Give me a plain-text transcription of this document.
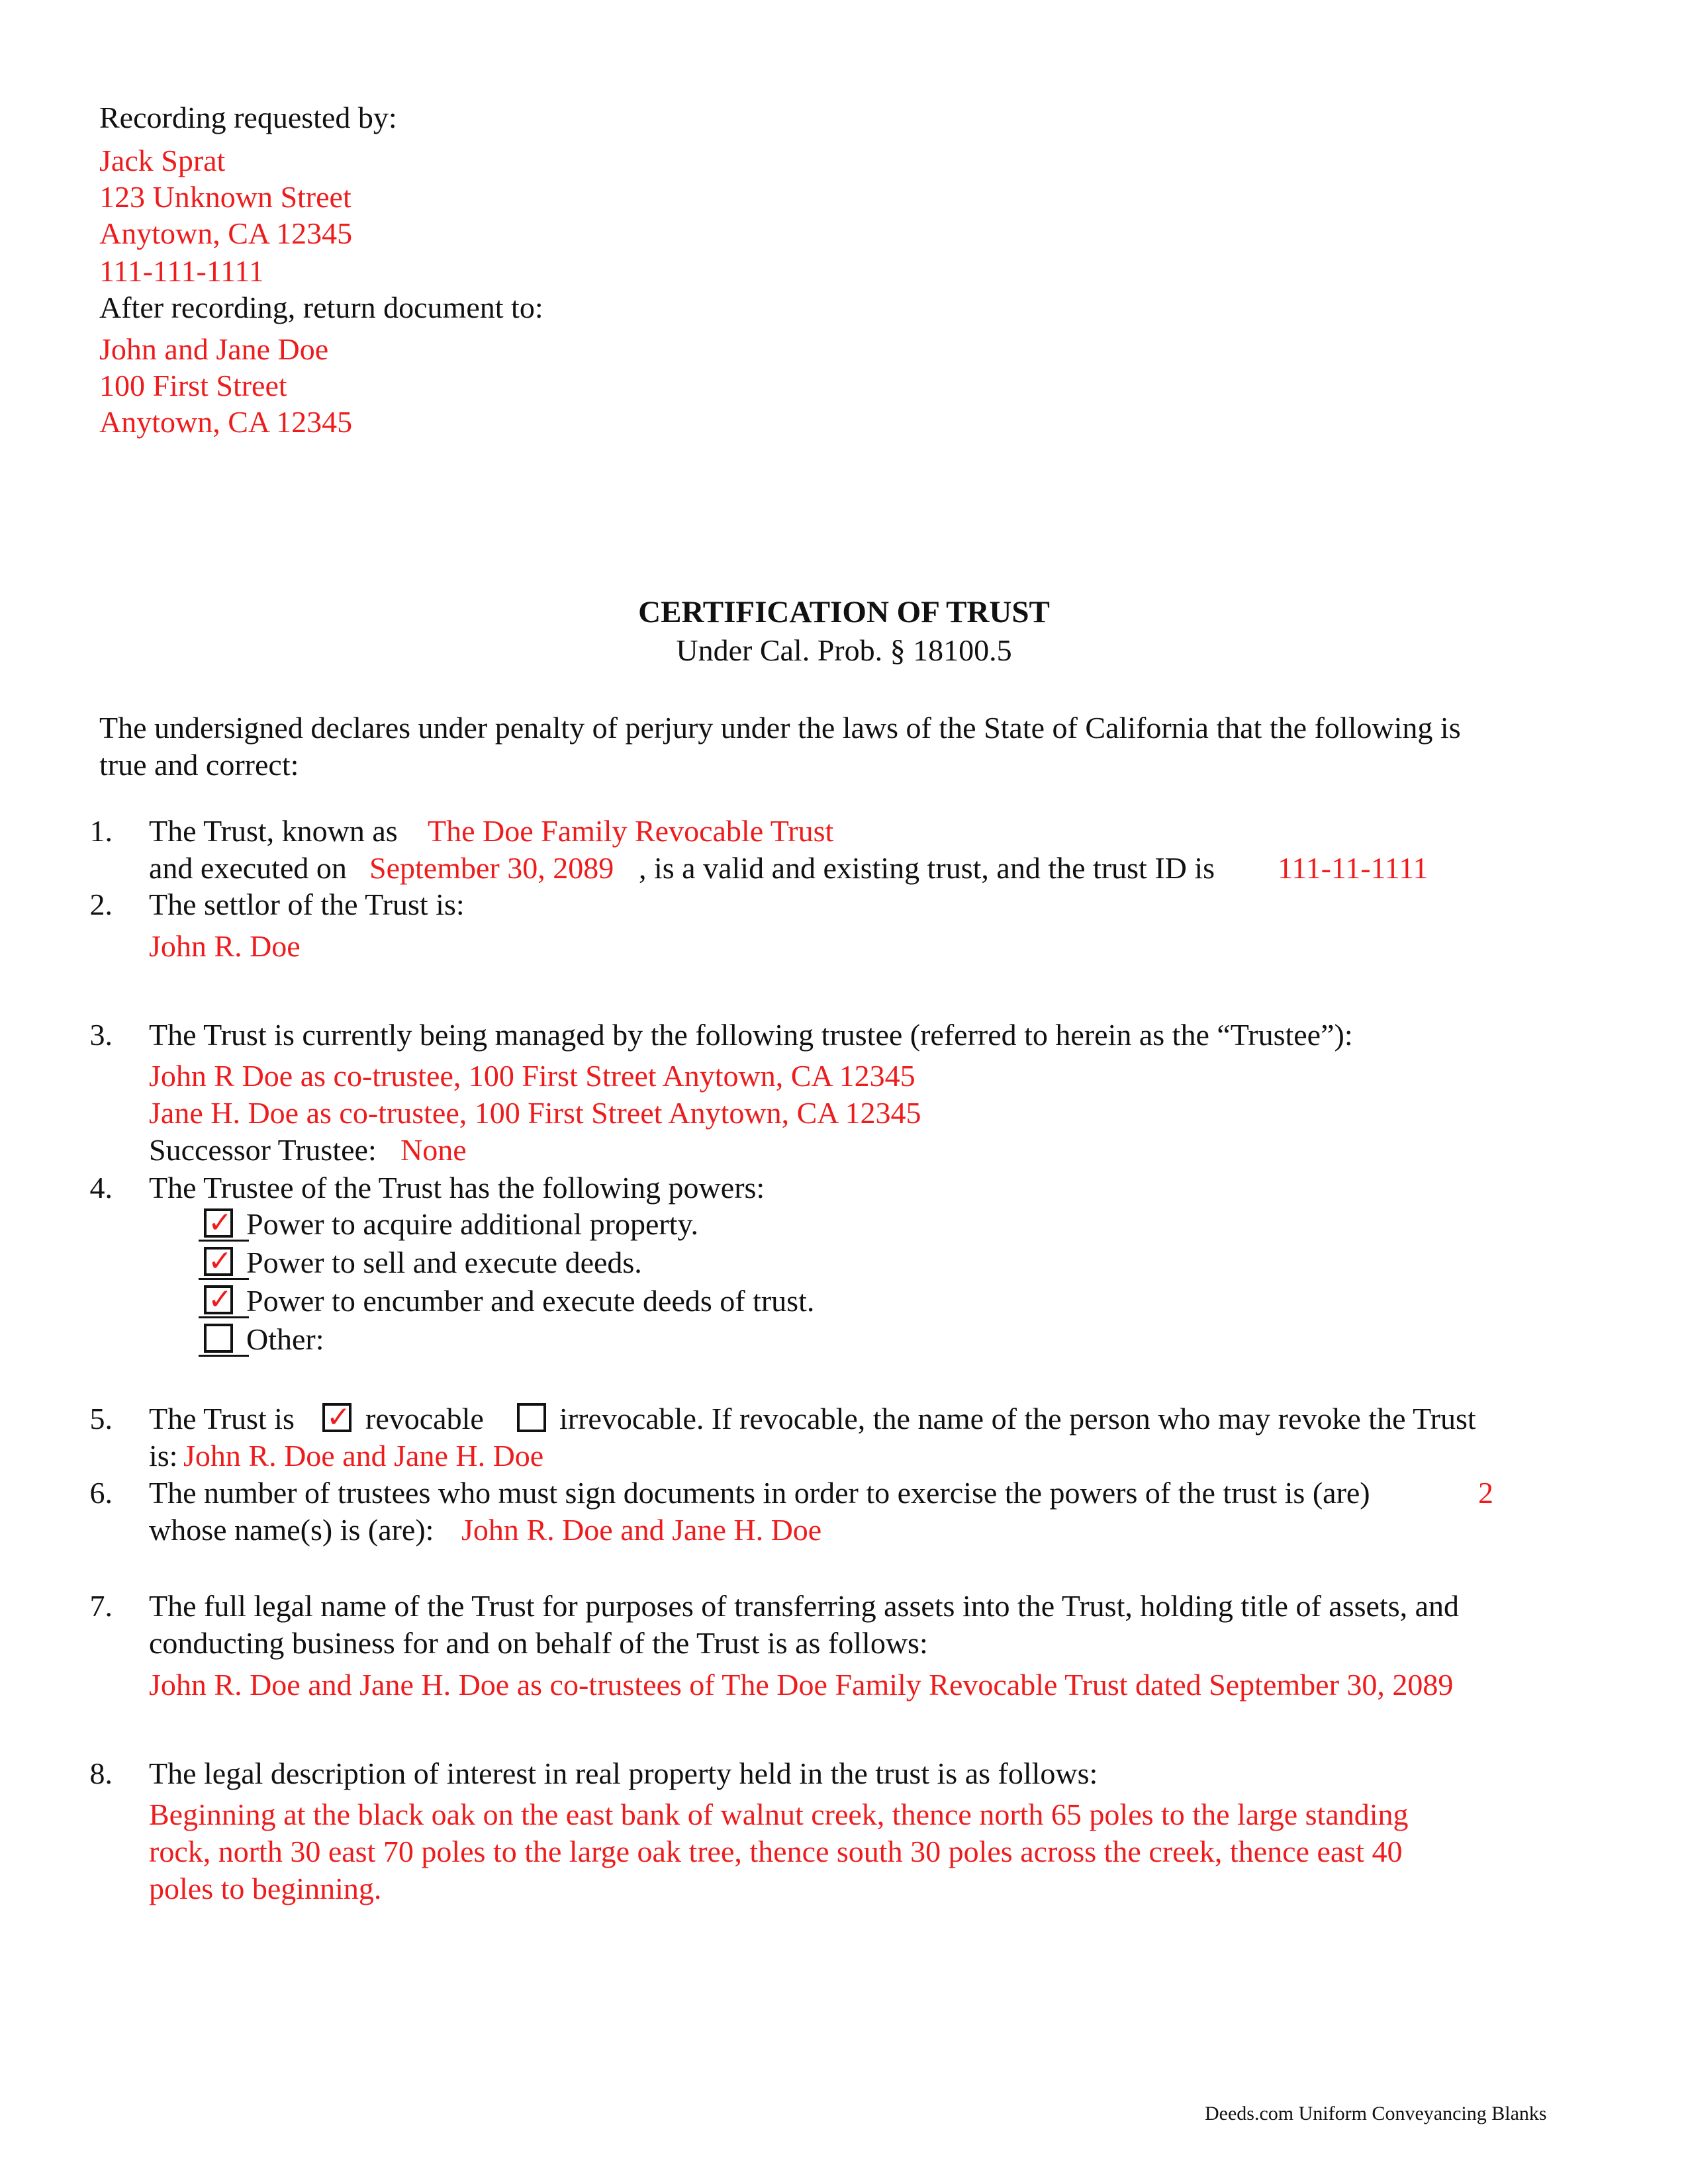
Recording requested by:
Jack Sprat
123 Unknown Street
Anytown, CA 12345
111-111-1111
After recording, return document to:
John and Jane Doe
100 First Street
Anytown, CA 12345
CERTIFICATION OF TRUST
Under Cal. Prob. § 18100.5
The undersigned declares under penalty of perjury under the laws of the State of California that the following is
true and correct:
1. The Trust, known as The Doe Family Revocable Trust
and executed on September 30, 2089 , is a valid and existing trust, and the trust ID is 111-11-1111
2. The settlor of the Trust is:
John R. Doe
3. The Trust is currently being managed by the following trustee (referred to herein as the “Trustee”):
John R Doe as co-trustee, 100 First Street Anytown, CA 12345
Jane H. Doe as co-trustee, 100 First Street Anytown, CA 12345
Successor Trustee: None
4. The Trustee of the Trust has the following powers:
✓ Power to acquire additional property.
✓ Power to sell and execute deeds.
✓ Power to encumber and execute deeds of trust.
Other:
5. The Trust is ✓ revocable irrevocable. If revocable, the name of the person who may revoke the Trust
is: John R. Doe and Jane H. Doe
6. The number of trustees who must sign documents in order to exercise the powers of the trust is (are)	2
whose name(s) is (are): John R. Doe and Jane H. Doe
7. The full legal name of the Trust for purposes of transferring assets into the Trust, holding title of assets, and
conducting business for and on behalf of the Trust is as follows:
John R. Doe and Jane H. Doe as co-trustees of The Doe Family Revocable Trust dated September 30, 2089
8. The legal description of interest in real property held in the trust is as follows:
Beginning at the black oak on the east bank of walnut creek, thence north 65 poles to the large standing
rock, north 30 east 70 poles to the large oak tree, thence south 30 poles across the creek, thence east 40
poles to beginning.
Deeds.com Uniform Conveyancing Blanks
